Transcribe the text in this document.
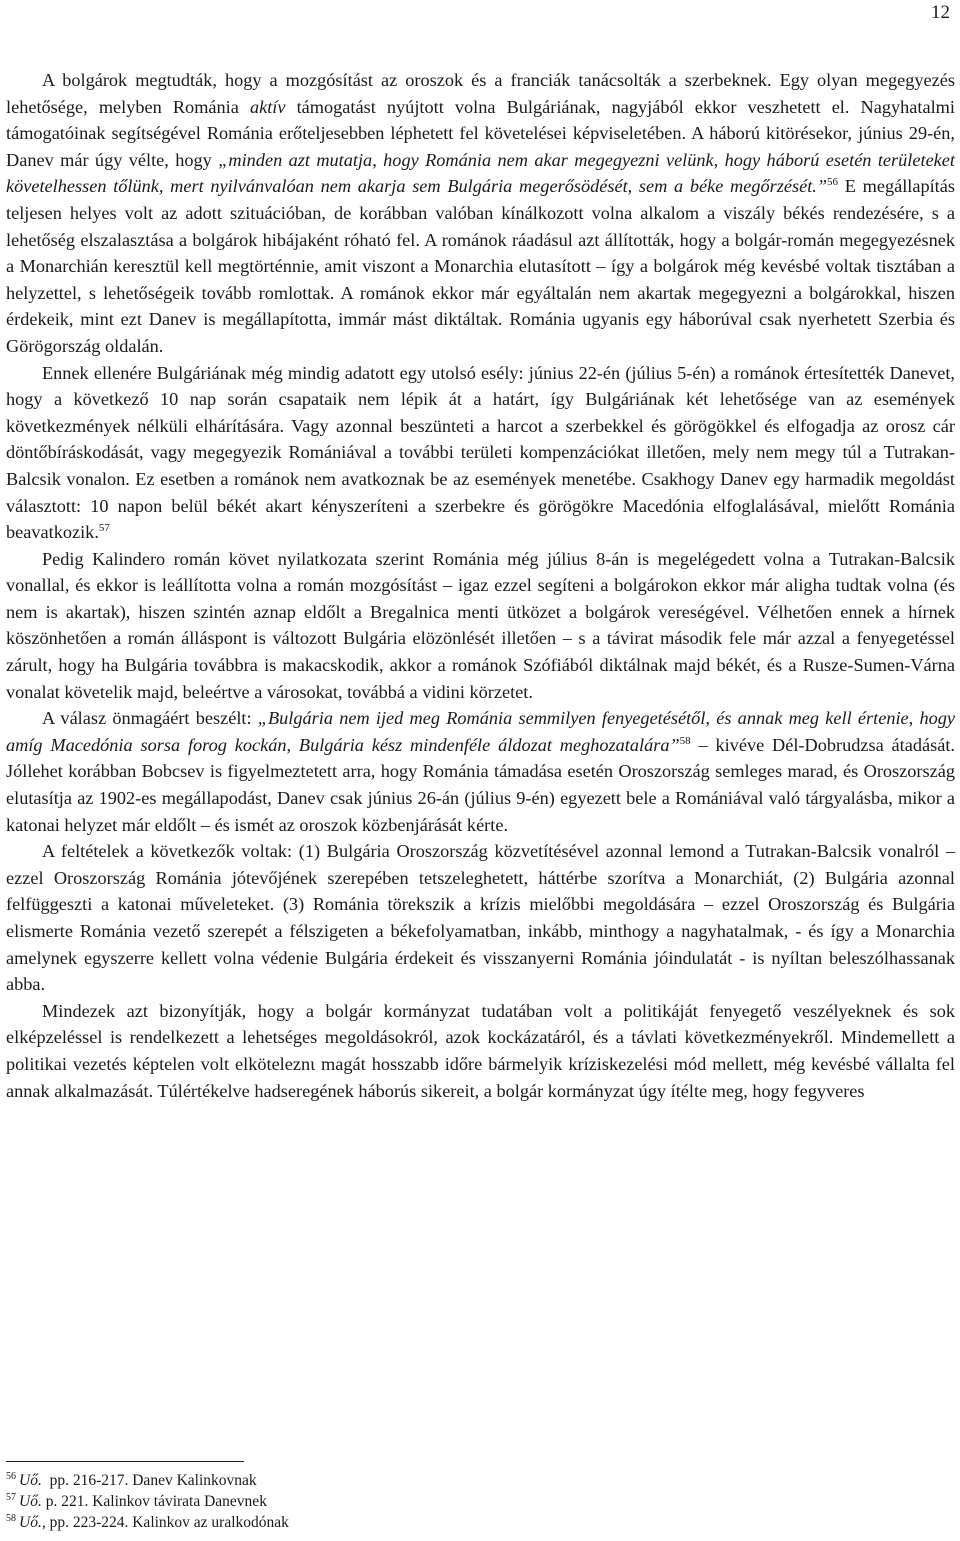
12

A bolgárok megtudták, hogy a mozgósítást az oroszok és a franciák tanácsolták a szerbeknek. Egy olyan megegyezés lehetősége, melyben Románia aktív támogatást nyújtott volna Bulgáriának, nagyjából ekkor veszhetett el. Nagyhatalmi támogatóinak segítségével Románia erőteljesebben léphetett fel követelései képviseletében. A háború kitörésekor, június 29-én, Danev már úgy vélte, hogy „minden azt mutatja, hogy Románia nem akar megegyezni velünk, hogy háború esetén területeket követelhessen tőlünk, mert nyilvánvalóan nem akarja sem Bulgária megerősödését, sem a béke megőrzését.”$^{56}$ E megállapítás teljesen helyes volt az adott szituációban, de korábban valóban kínálkozott volna alkalom a viszály békés rendezésére, s a lehetőség elszalasztása a bolgárok hibájaként róható fel. A románok ráadásul azt állították, hogy a bolgár-román megegyezésnek a Monarchián keresztül kell megtörténnie, amit viszont a Monarchia elutasított – így a bolgárok még kevésbé voltak tisztában a helyzettel, s lehetőségeik tovább romlottak. A románok ekkor már egyáltalán nem akartak megegyezni a bolgárokkal, hiszen érdekeik, mint ezt Danev is megállapította, immár mást diktáltak. Románia ugyanis egy háborúval csak nyerhetett Szerbia és Görögország oldalán.

Ennek ellenére Bulgáriának még mindig adatott egy utolsó esély: június 22-én (július 5-én) a románok értesítették Danevet, hogy a következő 10 nap során csapataik nem lépik át a határt, így Bulgáriának két lehetősége van az események következmények nélküli elhárítására. Vagy azonnal beszünteti a harcot a szerbekkel és görögökkel és elfogadja az orosz cár döntőbíráskodását, vagy megegyezik Romániával a további területi kompenzációkat illetően, mely nem megy túl a Tutrakan-Balcsik vonalon. Ez esetben a románok nem avatkoznak be az események menetébe. Csakhogy Danev egy harmadik megoldást választott: 10 napon belül békét akart kényszeríteni a szerbekre és görögökre Macedónia elfoglalásával, mielőtt Románia beavatkozik.$^{57}$

Pedig Kalindero román követ nyilatkozata szerint Románia még július 8-án is megelégedett volna a Tutrakan-Balcsik vonallal, és ekkor is leállította volna a román mozgósítást – igaz ezzel segíteni a bolgárokon ekkor már aligha tudtak volna (és nem is akartak), hiszen szintén aznap eldőlt a Bregalnica menti ütközet a bolgárok vereségével. Vélhetően ennek a hírnek köszönhetően a román álláspont is változott Bulgária elözönlését illetően – s a távirat második fele már azzal a fenyegetéssel zárult, hogy ha Bulgária továbbra is makacskodik, akkor a románok Szófiából diktálnak majd békét, és a Rusze-Sumen-Várna vonalat követelik majd, beleértve a városokat, továbbá a vidini körzetet.

A válasz önmagáért beszélt: „Bulgária nem ijed meg Románia semmilyen fenyegetésétől, és annak meg kell értenie, hogy amíg Macedónia sorsa forog kockán, Bulgária kész mindenféle áldozat meghozatalára”$^{58}$ – kivéve Dél-Dobrudzsa átadását. Jóllehet korábban Bobcsev is figyelmeztetett arra, hogy Románia támadása esetén Oroszország semleges marad, és Oroszország elutasítja az 1902-es megállapodást, Danev csak június 26-án (július 9-én) egyezett bele a Romániával való tárgyalásba, mikor a katonai helyzet már eldőlt – és ismét az oroszok közbenjárását kérte.

A feltételek a következők voltak: (1) Bulgária Oroszország közvetítésével azonnal lemond a Tutrakan-Balcsik vonalról – ezzel Oroszország Románia jótevőjének szerepében tetszeleghetett, háttérbe szorítva a Monarchiát, (2) Bulgária azonnal felfüggeszti a katonai műveleteket. (3) Románia törekszik a krízis mielőbbi megoldására – ezzel Oroszország és Bulgária elismerte Románia vezető szerepét a félszigeten a békefolyamatban, inkább, minthogy a nagyhatalmak, - és így a Monarchia amelynek egyszerre kellett volna védenie Bulgária érdekeit és visszanyerni Románia jóindulatát - is nyíltan beleszólhassanak abba.

Mindezek azt bizonyítják, hogy a bolgár kormányzat tudatában volt a politikáját fenyegető veszélyeknek és sok elképzeléssel is rendelkezett a lehetséges megoldásokról, azok kockázatáról, és a távlati következményekről. Mindemellett a politikai vezetés képtelen volt elköteleznι magát hosszabb időre bármelyik kríziskezelési mód mellett, még kevésbé vállalta fel annak alkalmazását. Túlértékelve hadseregének háborús sikereit, a bolgár kormányzat úgy ítélte meg, hogy fegyveres

$^{56}$ Uő.  pp. 216-217. Danev Kalinkovnak
$^{57}$ Uő. p. 221. Kalinkov távirata Danevnek
$^{58}$ Uő., pp. 223-224. Kalinkov az uralkodónak
